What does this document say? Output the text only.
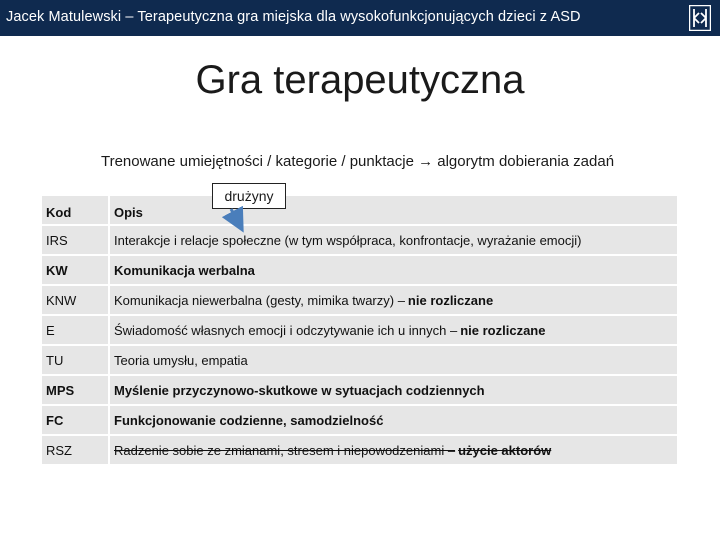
Jacek Matulewski – Terapeutyczna gra miejska dla wysokofunkcjonujących dzieci z ASD
Gra terapeutyczna
Trenowane umiejętności / kategorie / punktacje → algorytm dobierania zadań
drużyny
Kod	Opis
IRS	Interakcje i relacje społeczne (w tym współpraca, konfrontacje, wyrażanie emocji)
KW	Komunikacja werbalna
KNW	Komunikacja niewerbalna (gesty, mimika twarzy) – nie rozliczane
E	Świadomość własnych emocji i odczytywanie ich u innych – nie rozliczane
TU	Teoria umysłu, empatia
MPS	Myślenie przyczynowo-skutkowe w sytuacjach codziennych
FC	Funkcjonowanie codzienne, samodzielność
RSZ	Radzenie sobie ze zmianami, stresem i niepowodzeniami – użycie aktorów
